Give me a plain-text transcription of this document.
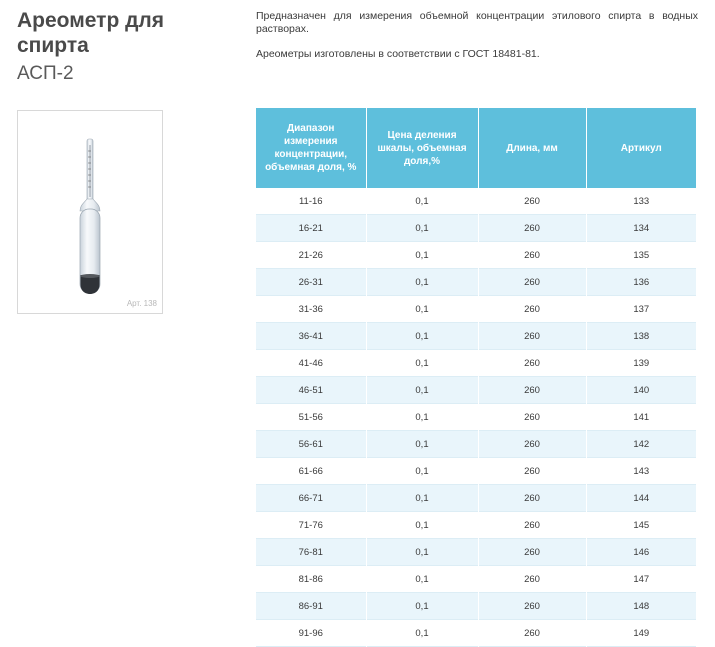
Ареометр для спирта
АСП-2

Предназначен для измерения объемной концентрации этилового спирта в водных растворах.

Ареометры изготовлены в соответствии с ГОСТ 18481-81.

Арт. 138
Диапазон измерения концентрации, объемная доля, %	Цена деления шкалы, объемная доля,%	Длина, мм	Артикул
11-16	0,1	260	133
16-21	0,1	260	134
21-26	0,1	260	135
26-31	0,1	260	136
31-36	0,1	260	137
36-41	0,1	260	138
41-46	0,1	260	139
46-51	0,1	260	140
51-56	0,1	260	141
56-61	0,1	260	142
61-66	0,1	260	143
66-71	0,1	260	144
71-76	0,1	260	145
76-81	0,1	260	146
81-86	0,1	260	147
86-91	0,1	260	148
91-96	0,1	260	149
